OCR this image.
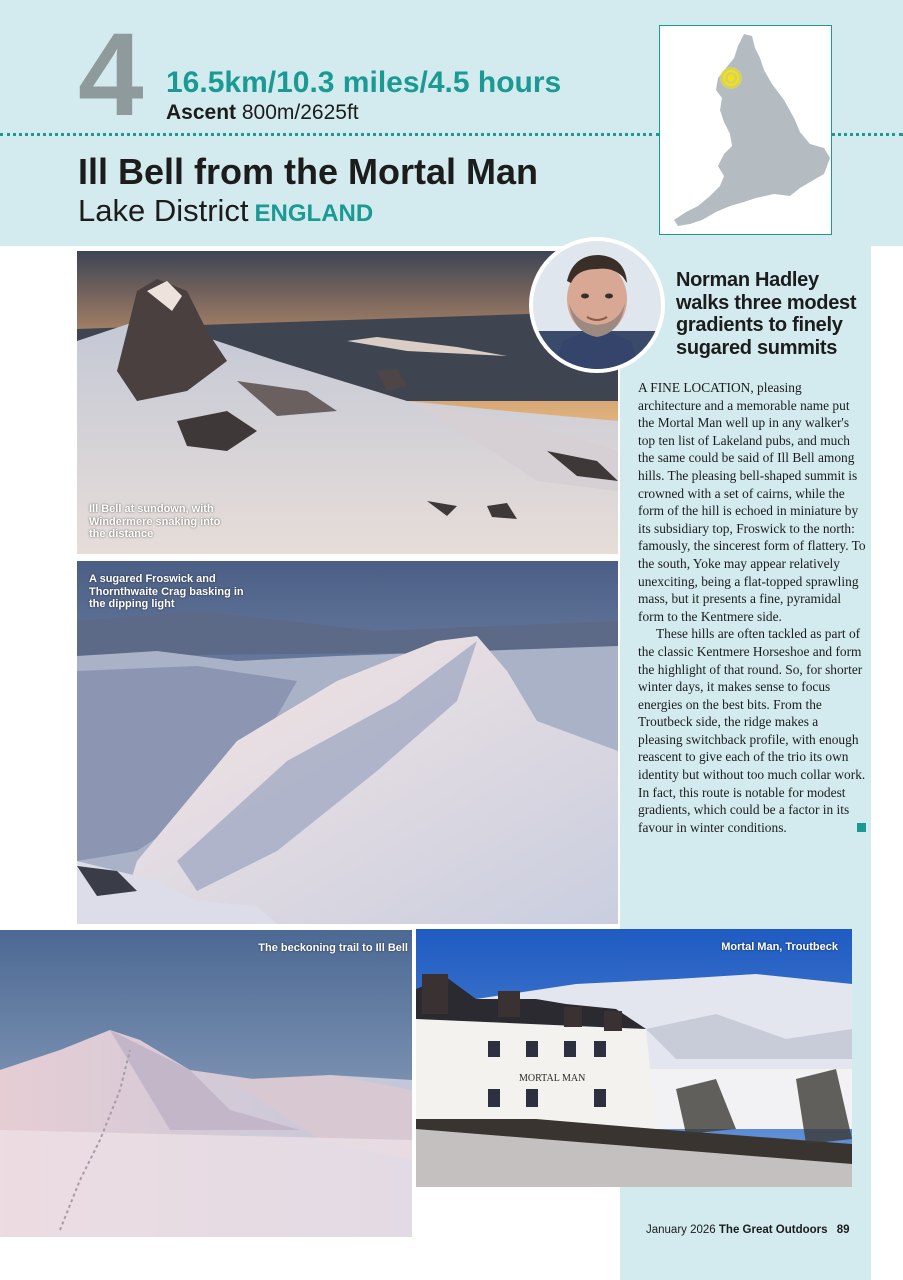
4 16.5km/10.3 miles/4.5 hours
Ascent 800m/2625ft
Ill Bell from the Mortal Man
Lake District ENGLAND
Ill Bell at sundown, with Windermere snaking into the distance
A sugared Froswick and Thornthwaite Crag basking in the dipping light
The beckoning trail to Ill Bell
MORTAL MAN
Mortal Man, Troutbeck
Norman Hadley walks three modest gradients to finely sugared summits

A FINE LOCATION, pleasing architecture and a memorable name put the Mortal Man well up in any walker's top ten list of Lakeland pubs, and much the same could be said of Ill Bell among hills. The pleasing bell-shaped summit is crowned with a set of cairns, while the form of the hill is echoed in miniature by its subsidiary top, Froswick to the north: famously, the sincerest form of flattery. To the south, Yoke may appear relatively unexciting, being a flat-topped sprawling mass, but it presents a fine, pyramidal form to the Kentmere side.

These hills are often tackled as part of the classic Kentmere Horseshoe and form the highlight of that round. So, for shorter winter days, it makes sense to focus energies on the best bits. From the Troutbeck side, the ridge makes a pleasing switchback profile, with enough reascent to give each of the trio its own identity but without too much collar work. In fact, this route is notable for modest gradients, which could be a factor in its favour in winter conditions.	➲

January 2026 The Great Outdoors 89
